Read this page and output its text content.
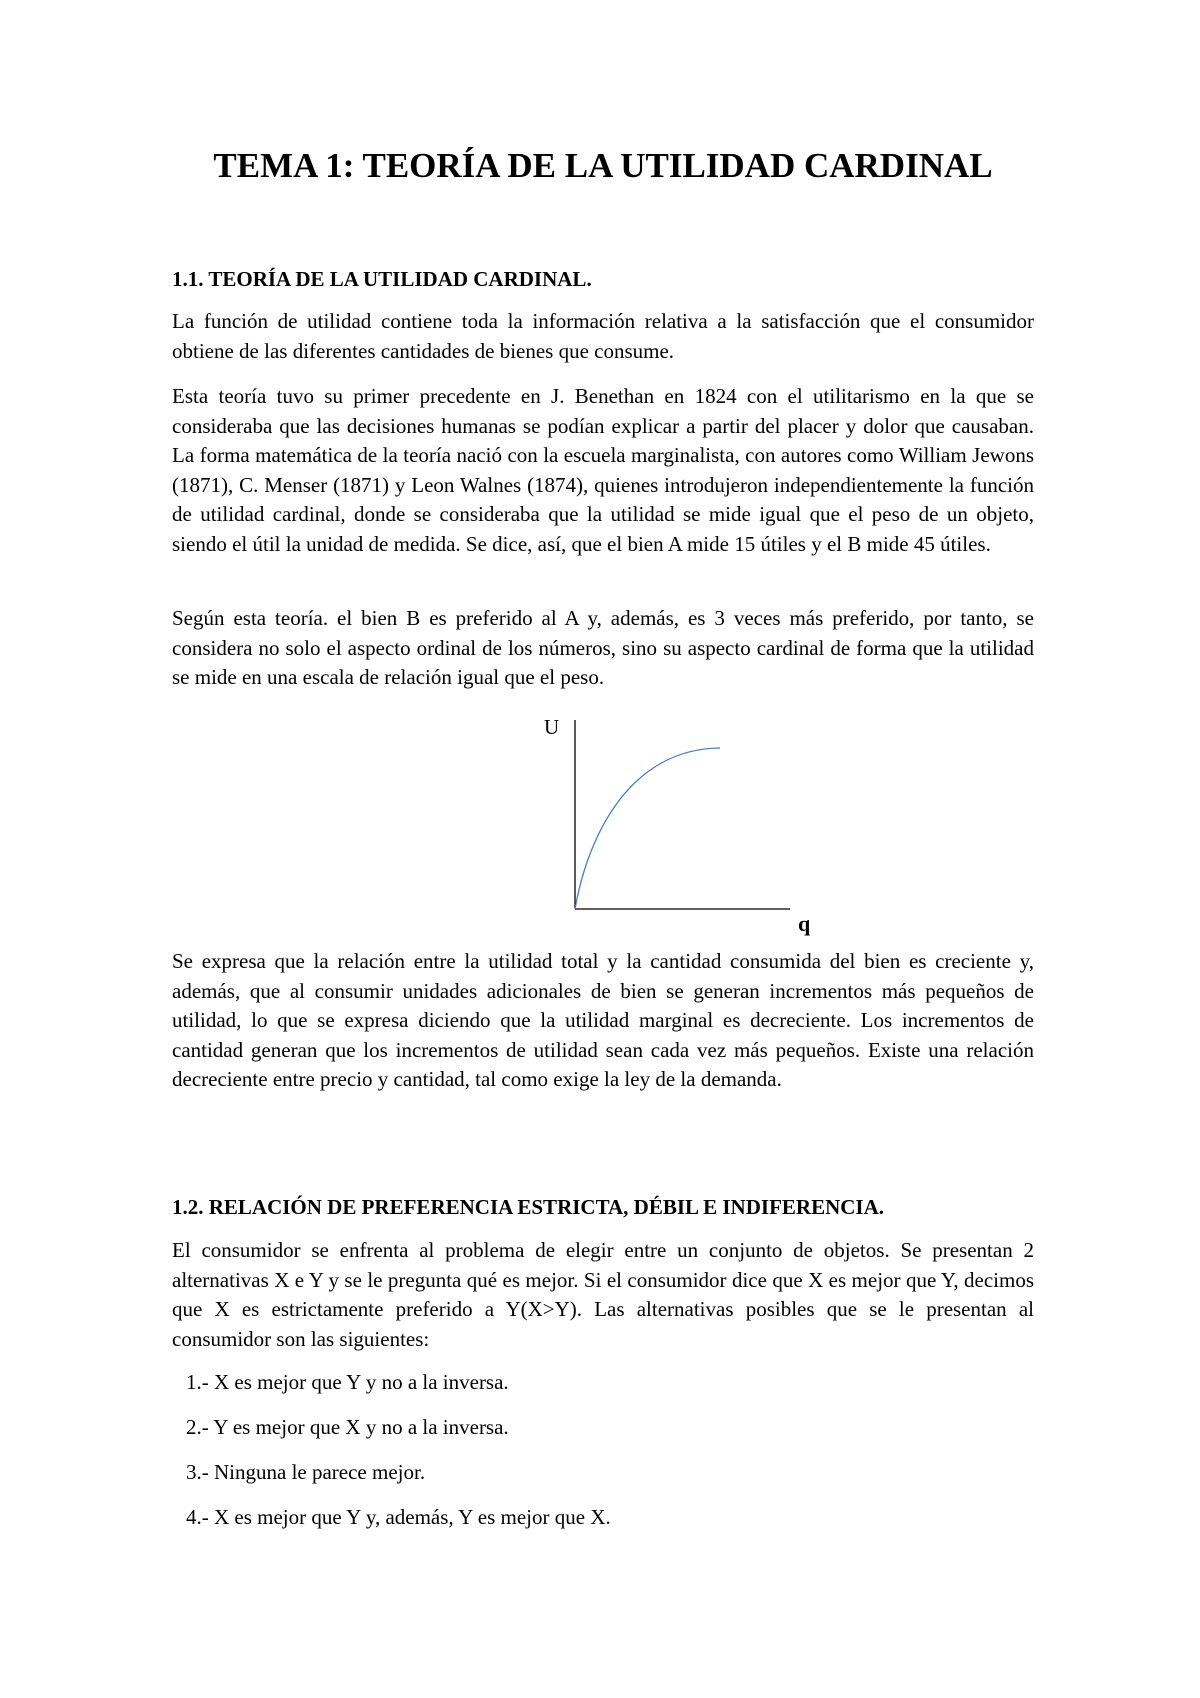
TEMA 1: TEORÍA DE LA UTILIDAD CARDINAL
1.1. TEORÍA DE LA UTILIDAD CARDINAL.

La función de utilidad contiene toda la información relativa a la satisfacción que el consumidor obtiene de las diferentes cantidades de bienes que consume.

Esta teoría tuvo su primer precedente en J. Benethan en 1824 con el utilitarismo en la que se consideraba que las decisiones humanas se podían explicar a partir del placer y dolor que causaban. La forma matemática de la teoría nació con la escuela marginalista, con autores como William Jewons (1871), C. Menser (1871) y Leon Walnes (1874), quienes introdujeron independientemente la función de utilidad cardinal, donde se consideraba que la utilidad se mide igual que el peso de un objeto, siendo el útil la unidad de medida. Se dice, así, que el bien A mide 15 útiles y el B mide 45 útiles.

Según esta teoría. el bien B es preferido al A y, además, es 3 veces más preferido, por tanto, se considera no solo el aspecto ordinal de los números, sino su aspecto cardinal de forma que la utilidad se mide en una escala de relación igual que el peso.

Se expresa que la relación entre la utilidad total y la cantidad consumida del bien es creciente y, además, que al consumir unidades adicionales de bien se generan incrementos más pequeños de utilidad, lo que se expresa diciendo que la utilidad marginal es decreciente. Los incrementos de cantidad generan que los incrementos de utilidad sean cada vez más pequeños. Existe una relación decreciente entre precio y cantidad, tal como exige la ley de la demanda.

1.2. RELACIÓN DE PREFERENCIA ESTRICTA, DÉBIL E INDIFERENCIA.

El consumidor se enfrenta al problema de elegir entre un conjunto de objetos. Se presentan 2 alternativas X e Y y se le pregunta qué es mejor. Si el consumidor dice que X es mejor que Y, decimos que X es estrictamente preferido a Y(X>Y). Las alternativas posibles que se le presentan al consumidor son las siguientes:

1.- X es mejor que Y y no a la inversa.
2.- Y es mejor que X y no a la inversa.
3.- Ninguna le parece mejor.
4.- X es mejor que Y y, además, Y es mejor que X.
U
q
